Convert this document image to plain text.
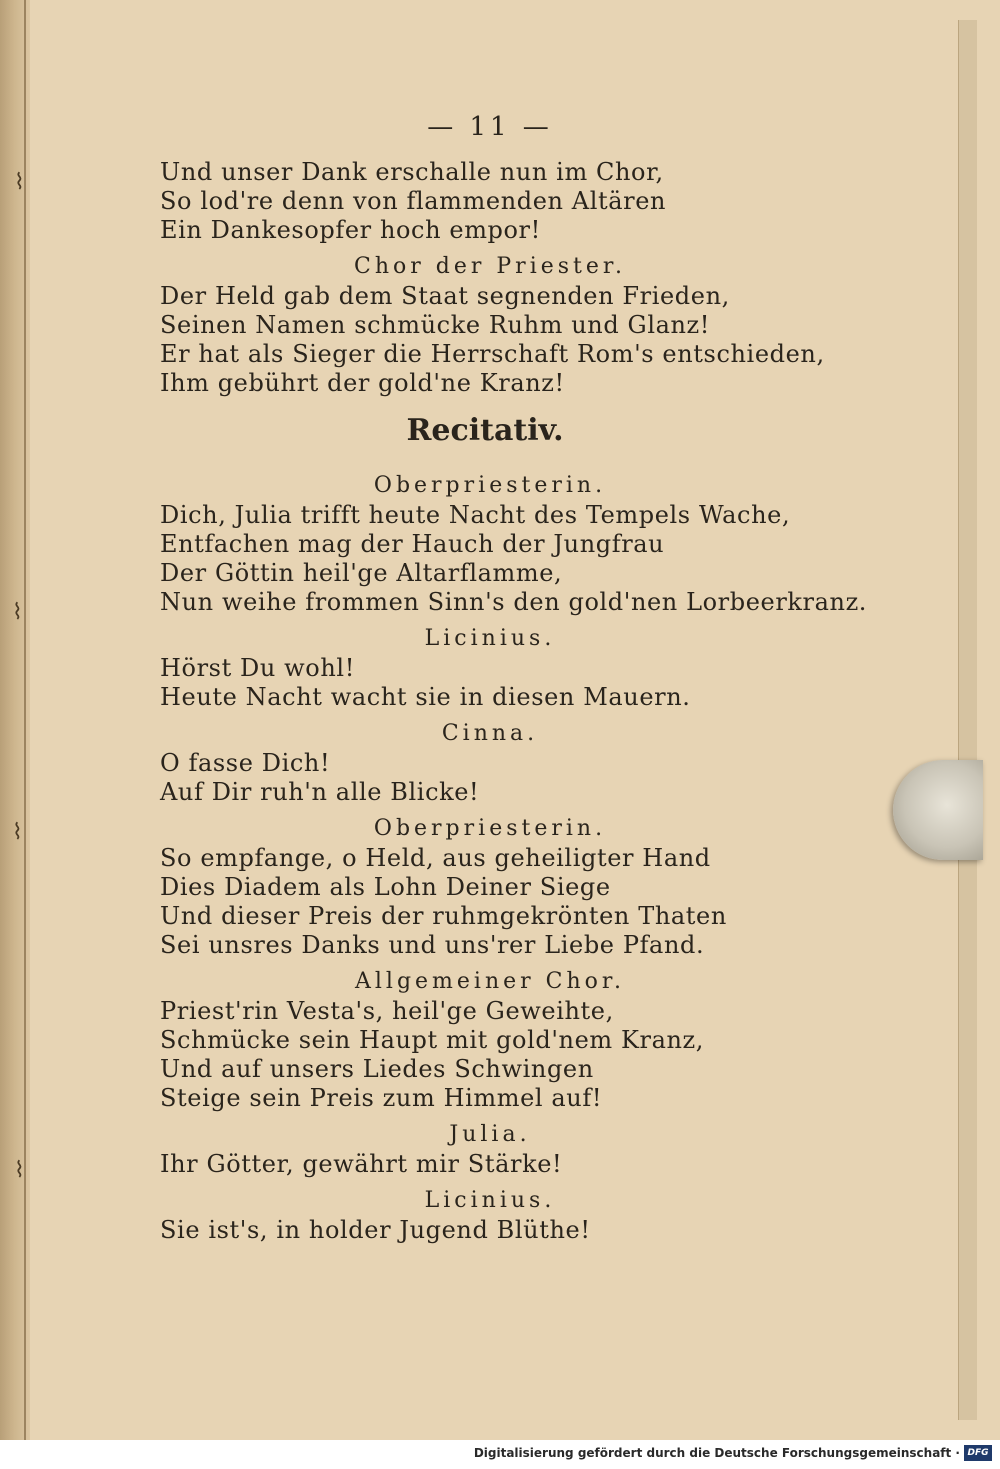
⌇
⌇
⌇
⌇
— 11 —
Und unser Dank erschalle nun im Chor,
So lod're denn von flammenden Altären
Ein Dankesopfer hoch empor!
Chor der Priester.
Der Held gab dem Staat segnenden Frieden,
Seinen Namen schmücke Ruhm und Glanz!
Er hat als Sieger die Herrschaft Rom's entschieden,
Ihm gebührt der gold'ne Kranz!
Recitativ.
Oberpriesterin.
Dich, Julia trifft heute Nacht des Tempels Wache,
Entfachen mag der Hauch der Jungfrau
Der Göttin heil'ge Altarflamme,
Nun weihe frommen Sinn's den gold'nen Lorbeerkranz.
Licinius.
Hörst Du wohl!
Heute Nacht wacht sie in diesen Mauern.
Cinna.
O fasse Dich!
Auf Dir ruh'n alle Blicke!
Oberpriesterin.
So empfange, o Held, aus geheiligter Hand
Dies Diadem als Lohn Deiner Siege
Und dieser Preis der ruhmgekrönten Thaten
Sei unsres Danks und uns'rer Liebe Pfand.
Allgemeiner Chor.
Priest'rin Vesta's, heil'ge Geweihte,
Schmücke sein Haupt mit gold'nem Kranz,
Und auf unsers Liedes Schwingen
Steige sein Preis zum Himmel auf!
Julia.
Ihr Götter, gewährt mir Stärke!
Licinius.
Sie ist's, in holder Jugend Blüthe!
Digitalisierung gefördert durch die Deutsche Forschungsgemeinschaft · DFG
